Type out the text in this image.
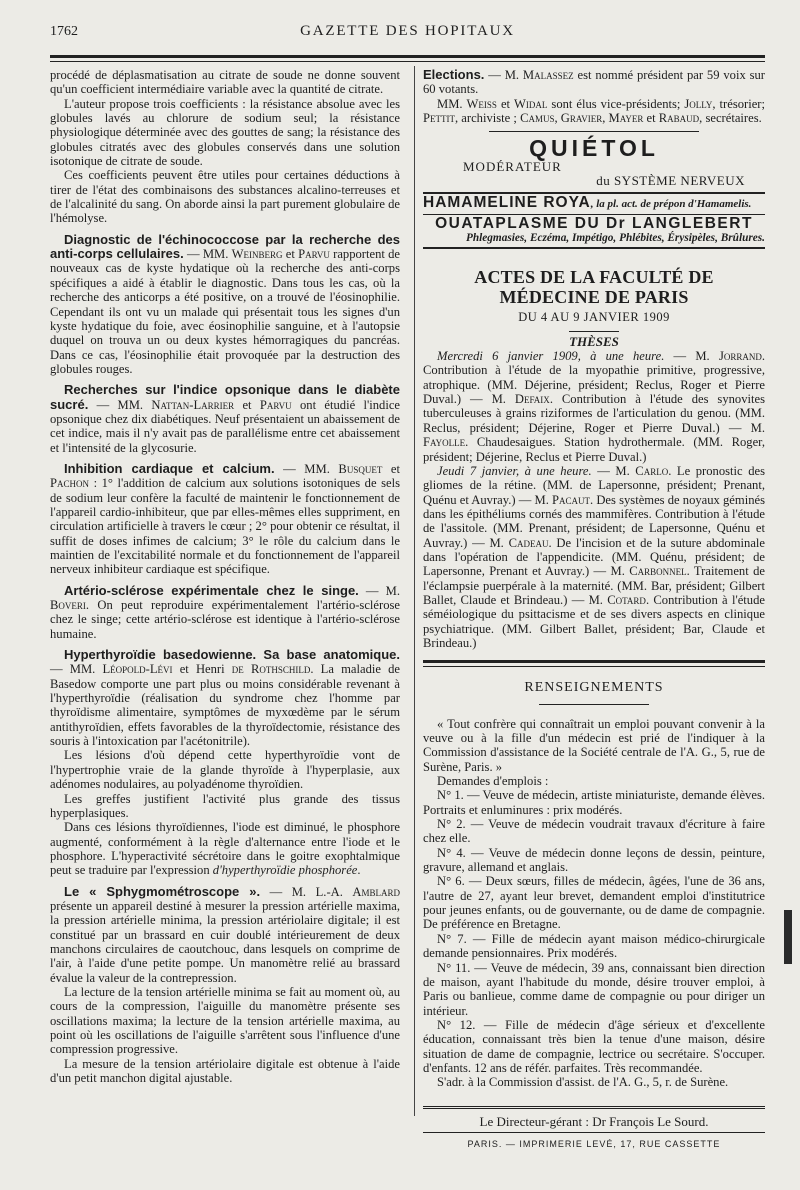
1762	GAZETTE DES HOPITAUX

procédé de déplasmatisation au citrate de soude ne donne souvent qu'un coefficient intermédiaire variable avec la quantité de citrate.

L'auteur propose trois coefficients : la résistance absolue avec les globules lavés au chlorure de sodium seul; la résistance physiologique déterminée avec des gouttes de sang; la résistance des globules citratés avec des globules conservés dans une solution isotonique de citrate de soude.

Ces coefficients peuvent être utiles pour certaines déductions à tirer de l'état des combinaisons des substances alcalino-terreuses et de l'alcalinité du sang. On aborde ainsi la part purement globulaire de l'hémolyse.

Diagnostic de l'échinococcose par la recherche des anti-corps cellulaires. — MM. Weinberg et Parvu rapportent de nouveaux cas de kyste hydatique où la recherche des anti-corps spécifiques a aidé à établir le diagnostic. Dans tous les cas, où la recherche des anticorps a été positive, on a trouvé de l'éosinophilie. Cependant ils ont vu un malade qui présentait tous les signes d'un kyste hydatique du foie, avec éosinophilie sanguine, et à l'autopsie duquel on trouva un ou deux kystes hémorragiques du pancréas. Dans ce cas, l'éosinophilie était provoquée par la destruction des globules rouges.

Recherches sur l'indice opsonique dans le diabète sucré. — MM. Nattan-Larrier et Parvu ont étudié l'indice opsonique chez dix diabétiques. Neuf présentaient un abaissement de cet indice, mais il n'y avait pas de parallélisme entre cet abaissement et l'intensité de la glycosurie.

Inhibition cardiaque et calcium. — MM. Busquet et Pachon : 1° l'addition de calcium aux solutions isotoniques de sels de sodium leur confère la faculté de maintenir le fonctionnement de l'appareil cardio-inhibiteur, que par elles-mêmes elles suppriment, en circulation artificielle à travers le cœur ; 2° pour obtenir ce résultat, il suffit de doses infimes de calcium; 3° le rôle du calcium dans le maintien de l'excitabilité normale et du fonctionnement de l'appareil nerveux inhibiteur cardiaque est spécifique.

Artério-sclérose expérimentale chez le singe. — M. Boveri. On peut reproduire expérimentalement l'artério-sclérose chez le singe; cette artério-sclérose est identique à l'artério-sclérose humaine.

Hyperthyroïdie basedowienne. Sa base anatomique. — MM. Léopold-Lévi et Henri de Rothschild. La maladie de Basedow comporte une part plus ou moins considérable revenant à l'hyperthyroïdie (réalisation du syndrome chez l'homme par thyroïdisme alimentaire, symptômes de myxœdème par le sérum antithyroïdien, effets favorables de la thyroïdectomie, résistance des souris à l'intoxication par l'acétonitrile).

Les lésions d'où dépend cette hyperthyroïdie vont de l'hypertrophie vraie de la glande thyroïde à l'hyperplasie, aux adénomes nodulaires, au polyadénome thyroïdien.

Les greffes justifient l'activité plus grande des tissus hyperplasiques.

Dans ces lésions thyroïdiennes, l'iode est diminué, le phosphore augmenté, conformément à la règle d'alternance entre l'iode et le phosphore. L'hyperactivité sécrétoire dans le goitre exophtalmique peut se traduire par l'expression d'hyperthyroïdie phosphorée.

Le « Sphygmométroscope ». — M. L.-A. Amblard présente un appareil destiné à mesurer la pression artérielle maxima, la pression artérielle minima, la pression artériolaire digitale; il est constitué par un brassard en cuir doublé intérieurement de deux manchons circulaires de caoutchouc, dans lesquels on comprime de l'air, à l'aide d'une petite pompe. Un manomètre relié au brassard évalue la valeur de la contrepression.

La lecture de la tension artérielle minima se fait au moment où, au cours de la compression, l'aiguille du manomètre présente ses oscillations maxima; la lecture de la tension artérielle maxima, au point où les oscillations de l'aiguille s'arrêtent sous l'influence d'une compression progressive.

La mesure de la tension artériolaire digitale est obtenue à l'aide d'un petit manchon digital ajustable.

Elections. — M. Malassez est nommé président par 59 voix sur 60 votants.

MM. Weiss et Widal sont élus vice-présidents; Jolly, trésorier; Pettit, archiviste ; Camus, Gravier, Mayer et Rabaud, secrétaires.

QUIÉTOL
MODÉRATEUR
du SYSTÈME NERVEUX
HAMAMELINE ROYA, la pl. act. de prépon d'Hamamelis.
OUATAPLASME DU Dr LANGLEBERT
Phlegmasies, Eczéma, Impétigo, Phlébites, Érysipèles, Brûlures.
ACTES DE LA FACULTÉ DE MÉDECINE DE PARIS
DU 4 AU 9 JANVIER 1909
THÈSES

Mercredi 6 janvier 1909, à une heure. — M. Jorrand. Contribution à l'étude de la myopathie primitive, progressive, atrophique. (MM. Déjerine, président; Reclus, Roger et Pierre Duval.) — M. Defaix. Contribution à l'étude des synovites tuberculeuses à grains riziformes de l'articulation du genou. (MM. Reclus, président; Déjerine, Roger et Pierre Duval.) — M. Fayolle. Chaudesaigues. Station hydrothermale. (MM. Roger, président; Déjerine, Reclus et Pierre Duval.)

Jeudi 7 janvier, à une heure. — M. Carlo. Le pronostic des gliomes de la rétine. (MM. de Lapersonne, président; Prenant, Quénu et Auvray.) — M. Pacaut. Des systèmes de noyaux géminés dans les épithéliums cornés des mammifères. Contribution à l'étude de l'assitole. (MM. Prenant, président; de Lapersonne, Quénu et Auvray.) — M. Cadeau. De l'incision et de la suture abdominale dans l'opération de l'appendicite. (MM. Quénu, président; de Lapersonne, Prenant et Auvray.) — M. Carbonnel. Traitement de l'éclampsie puerpérale à la maternité. (MM. Bar, président; Gilbert Ballet, Claude et Brindeau.) — M. Cotard. Contribution à l'étude séméiologique du psittacisme et de ses divers aspects en clinique psychiatrique. (MM. Gilbert Ballet, président; Bar, Claude et Brindeau.)

RENSEIGNEMENTS

« Tout confrère qui connaîtrait un emploi pouvant convenir à la veuve ou à la fille d'un médecin est prié de l'indiquer à la Commission d'assistance de la Société centrale de l'A. G., 5, rue de Surène, Paris. »

Demandes d'emplois :

N° 1. — Veuve de médecin, artiste miniaturiste, demande élèves. Portraits et enluminures : prix modérés.

N° 2. — Veuve de médecin voudrait travaux d'écriture à faire chez elle.

N° 4. — Veuve de médecin donne leçons de dessin, peinture, gravure, allemand et anglais.

N° 6. — Deux sœurs, filles de médecin, âgées, l'une de 36 ans, l'autre de 27, ayant leur brevet, demandent emploi d'institutrice pour jeunes enfants, ou de gouvernante, ou de dame de compagnie. De préférence en Bretagne.

N° 7. — Fille de médecin ayant maison médico-chirurgicale demande pensionnaires. Prix modérés.

N° 11. — Veuve de médecin, 39 ans, connaissant bien direction de maison, ayant l'habitude du monde, désire trouver emploi, à Paris ou banlieue, comme dame de compagnie ou pour diriger un intérieur.

N° 12. — Fille de médecin d'âge sérieux et d'excellente éducation, connaissant très bien la tenue d'une maison, désire situation de dame de compagnie, lectrice ou secrétaire. S'occuper. d'enfants. 12 ans de référ. parfaites. Très recommandée.

S'adr. à la Commission d'assist. de l'A. G., 5, r. de Surène.

Le Directeur-gérant : Dr François Le Sourd.
PARIS. — IMPRIMERIE LEVÉ, 17, RUE CASSETTE
